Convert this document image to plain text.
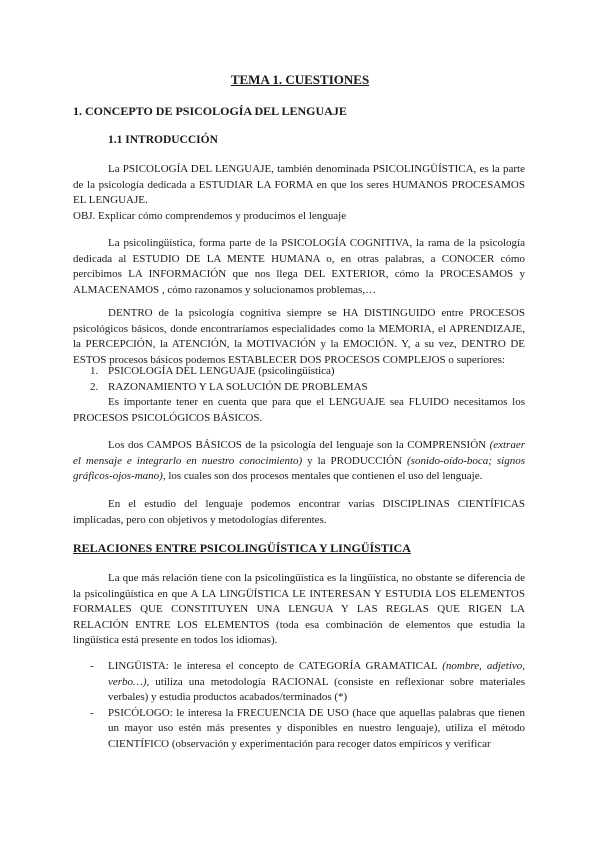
TEMA 1. CUESTIONES
1. CONCEPTO DE PSICOLOGÍA DEL LENGUAJE
1.1 INTRODUCCIÓN

La PSICOLOGÍA DEL LENGUAJE, también denominada PSICOLINGÜÍSTICA, es la parte de la psicología dedicada a ESTUDIAR LA FORMA en que los seres HUMANOS PROCESAMOS EL LENGUAJE.

OBJ. Explicar cómo comprendemos y producimos el lenguaje

La psicolingüística, forma parte de la PSICOLOGÍA COGNITIVA, la rama de la psicología dedicada al ESTUDIO DE LA MENTE HUMANA o, en otras palabras, a CONOCER cómo percibimos LA INFORMACIÓN que nos llega DEL EXTERIOR, cómo la PROCESAMOS y ALMACENAMOS , cómo razonamos y solucionamos problemas,…

DENTRO de la psicología cognitiva siempre se HA DISTINGUIDO entre PROCESOS psicológicos básicos, donde encontraríamos especialidades como la MEMORIA, el APRENDIZAJE, la PERCEPCIÓN, la ATENCIÓN, la MOTIVACIÓN y la EMOCIÓN. Y, a su vez, DENTRO DE ESTOS procesos básicos podemos ESTABLECER DOS PROCESOS COMPLEJOS o superiores:

1. PSICOLOGÍA DEL LENGUAJE (psicolingüística)
2. RAZONAMIENTO Y LA SOLUCIÓN DE PROBLEMAS

Es importante tener en cuenta que para que el LENGUAJE sea FLUIDO necesitamos los PROCESOS PSICOLÓGICOS BÁSICOS.

Los dos CAMPOS BÁSICOS de la psicología del lenguaje son la COMPRENSIÓN (extraer el mensaje e integrarlo en nuestro conocimiento) y la PRODUCCIÓN (sonido-oído-boca; signos gráficos-ojos-mano), los cuales son dos procesos mentales que contienen el uso del lenguaje.

En el estudio del lenguaje podemos encontrar varias DISCIPLINAS CIENTÍFICAS implicadas, pero con objetivos y metodologías diferentes.

RELACIONES ENTRE PSICOLINGÜÍSTICA Y LINGÜÍSTICA

La que más relación tiene con la psicolingüística es la lingüística, no obstante se diferencia de la psicolingüística en que A LA LINGÜÍSTICA LE INTERESAN Y ESTUDIA LOS ELEMENTOS FORMALES QUE CONSTITUYEN UNA LENGUA Y LAS REGLAS QUE RIGEN LA RELACIÓN ENTRE LOS ELEMENTOS (toda esa combinación de elementos que estudia la lingüística está presente en todos los idiomas).

- LINGÜISTA: le interesa el concepto de CATEGORÍA GRAMATICAL (nombre, adjetivo, verbo…), utiliza una metodología RACIONAL (consiste en reflexionar sobre materiales verbales) y estudia productos acabados/terminados (*)
- PSICÓLOGO: le interesa la FRECUENCIA DE USO (hace que aquellas palabras que tienen un mayor uso estén más presentes y disponibles en nuestro lenguaje), utiliza el método CIENTÍFICO (observación y experimentación para recoger datos empíricos y verificar
